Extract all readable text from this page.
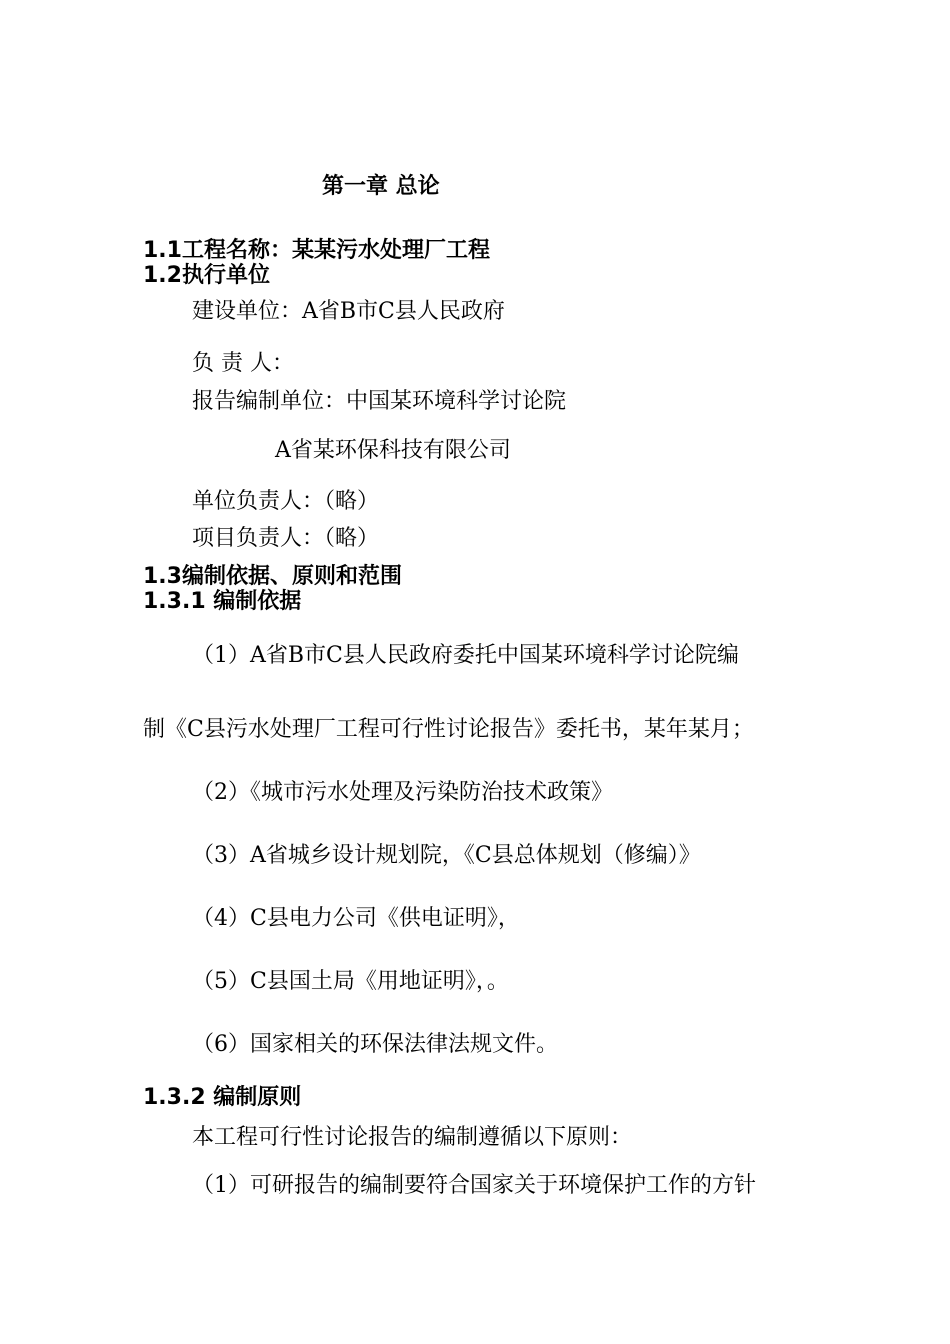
第一章 总论
1.1工程名称：某某污水处理厂工程
1.2执行单位
建设单位：A省B市C县人民政府
负 责 人：
报告编制单位：中国某环境科学讨论院
A省某环保科技有限公司
单位负责人：（略）
项目负责人：（略）
1.3编制依据、原则和范围
1.3.1 编制依据
（1）A省B市C县人民政府委托中国某环境科学讨论院编
制《C县污水处理厂工程可行性讨论报告》委托书，某年某月；
（2）《城市污水处理及污染防治技术政策》
（3）A省城乡设计规划院，《C县总体规划（修编）》
（4）C县电力公司《供电证明》，
（5）C县国土局《用地证明》，。
（6）国家相关的环保法律法规文件。
1.3.2 编制原则
本工程可行性讨论报告的编制遵循以下原则：
（1）可研报告的编制要符合国家关于环境保护工作的方针
